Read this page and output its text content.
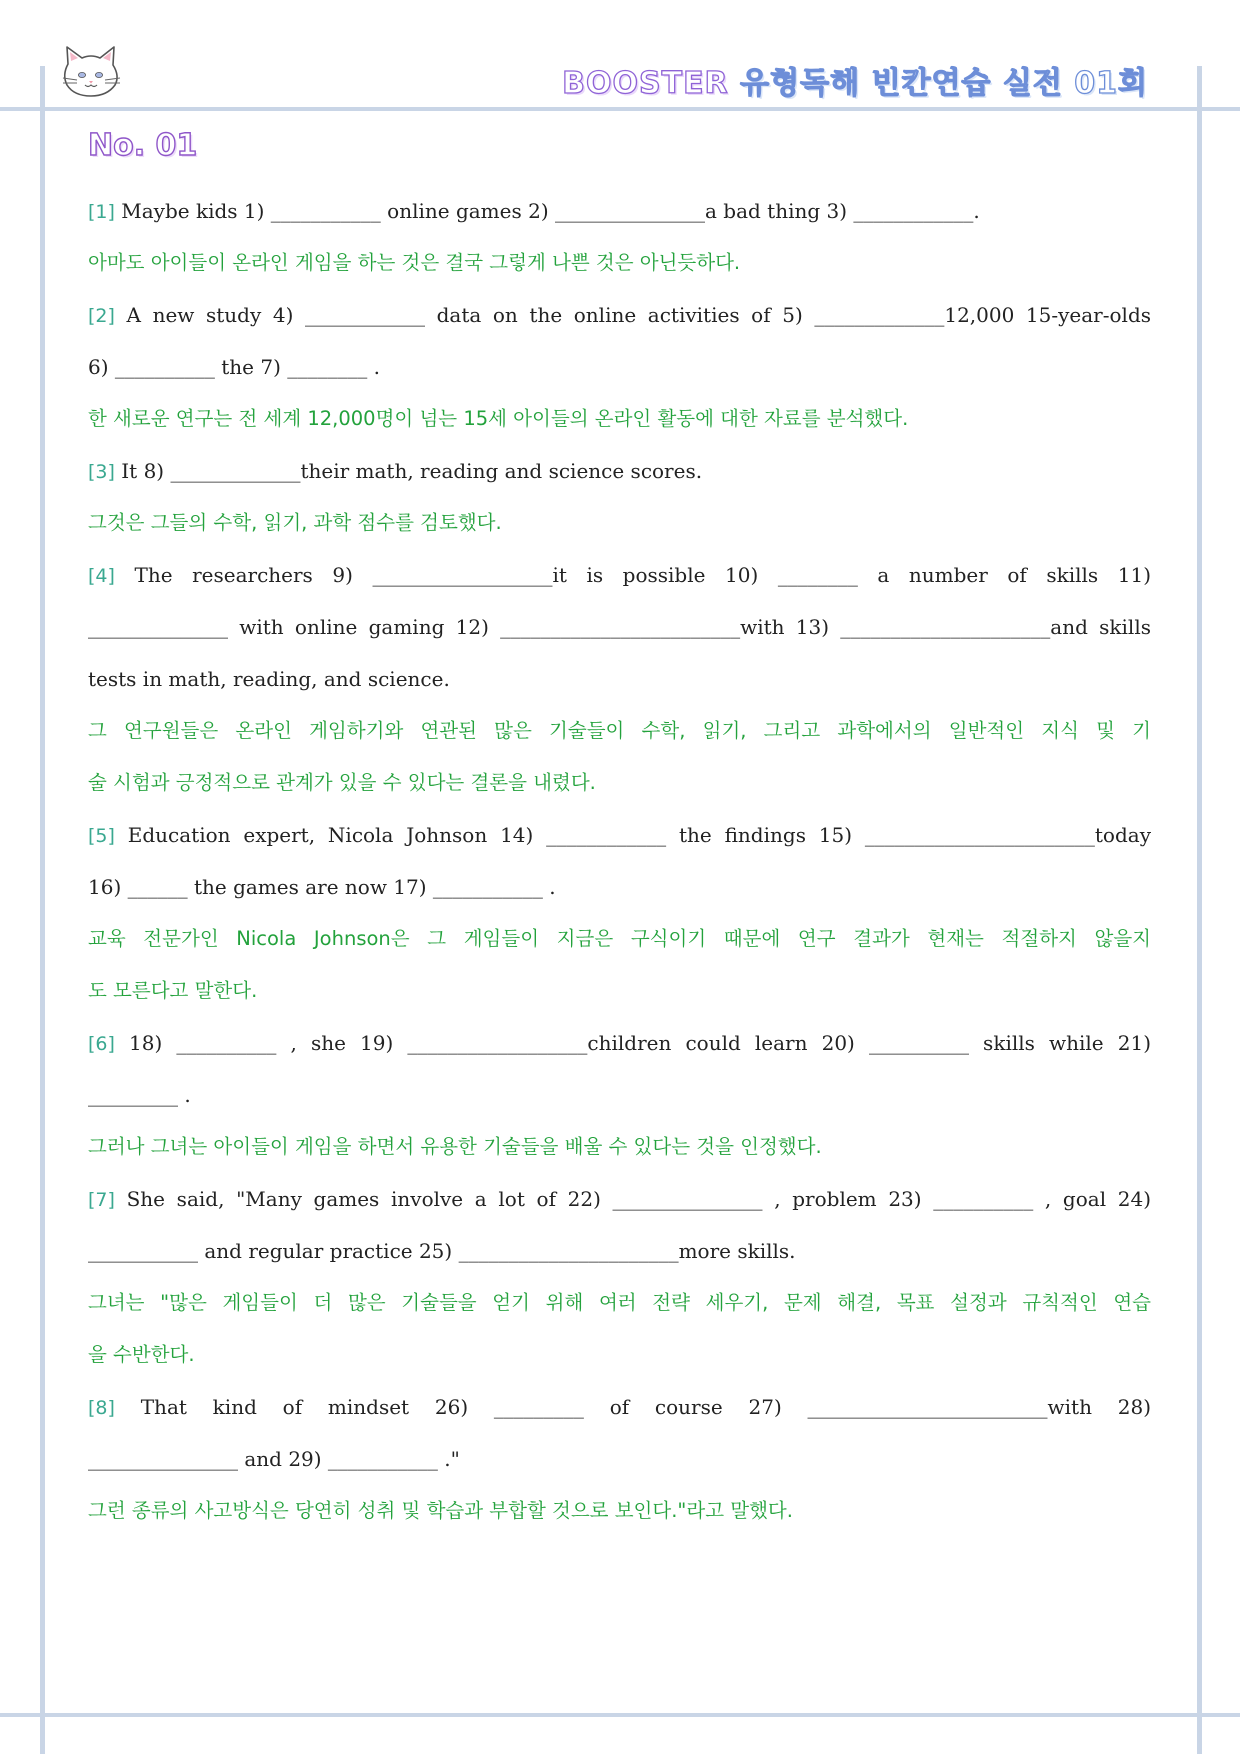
BOOSTER 유형독해 빈칸연습 실전 01회
No. 01
[1] Maybe kids 1) ___________ online games 2) _______________a bad thing 3) ____________.
아마도 아이들이 온라인 게임을 하는 것은 결국 그렇게 나쁜 것은 아닌듯하다.
[2] A new study 4) ____________ data on the online activities of 5) _____________12,000 15-year-olds
6) __________ the 7) ________ .
한 새로운 연구는 전 세계 12,000명이 넘는 15세 아이들의 온라인 활동에 대한 자료를 분석했다.
[3] It 8) _____________their math, reading and science scores.
그것은 그들의 수학, 읽기, 과학 점수를 검토했다.
[4] The researchers 9) __________________it is possible 10) ________ a number of skills 11)
______________ with online gaming 12) ________________________with 13) _____________________and skills
tests in math, reading, and science.
그 연구원들은 온라인 게임하기와 연관된 많은 기술들이 수학, 읽기, 그리고 과학에서의 일반적인 지식 및 기
술 시험과 긍정적으로 관계가 있을 수 있다는 결론을 내렸다.
[5] Education expert, Nicola Johnson 14) ____________ the findings 15) _______________________today
16) ______ the games are now 17) ___________ .
교육 전문가인 Nicola Johnson은 그 게임들이 지금은 구식이기 때문에 연구 결과가 현재는 적절하지 않을지
도 모른다고 말한다.
[6] 18) __________ , she 19) __________________children could learn 20) __________ skills while 21)
_________ .
그러나 그녀는 아이들이 게임을 하면서 유용한 기술들을 배울 수 있다는 것을 인정했다.
[7] She said, "Many games involve a lot of 22) _______________ , problem 23) __________ , goal 24)
___________ and regular practice 25) ______________________more skills.
그녀는 "많은 게임들이 더 많은 기술들을 얻기 위해 여러 전략 세우기, 문제 해결, 목표 설정과 규칙적인 연습
을 수반한다.
[8] That kind of mindset 26) _________ of course 27) ________________________with 28)
_______________ and 29) ___________ ."
그런 종류의 사고방식은 당연히 성취 및 학습과 부합할 것으로 보인다."라고 말했다.
